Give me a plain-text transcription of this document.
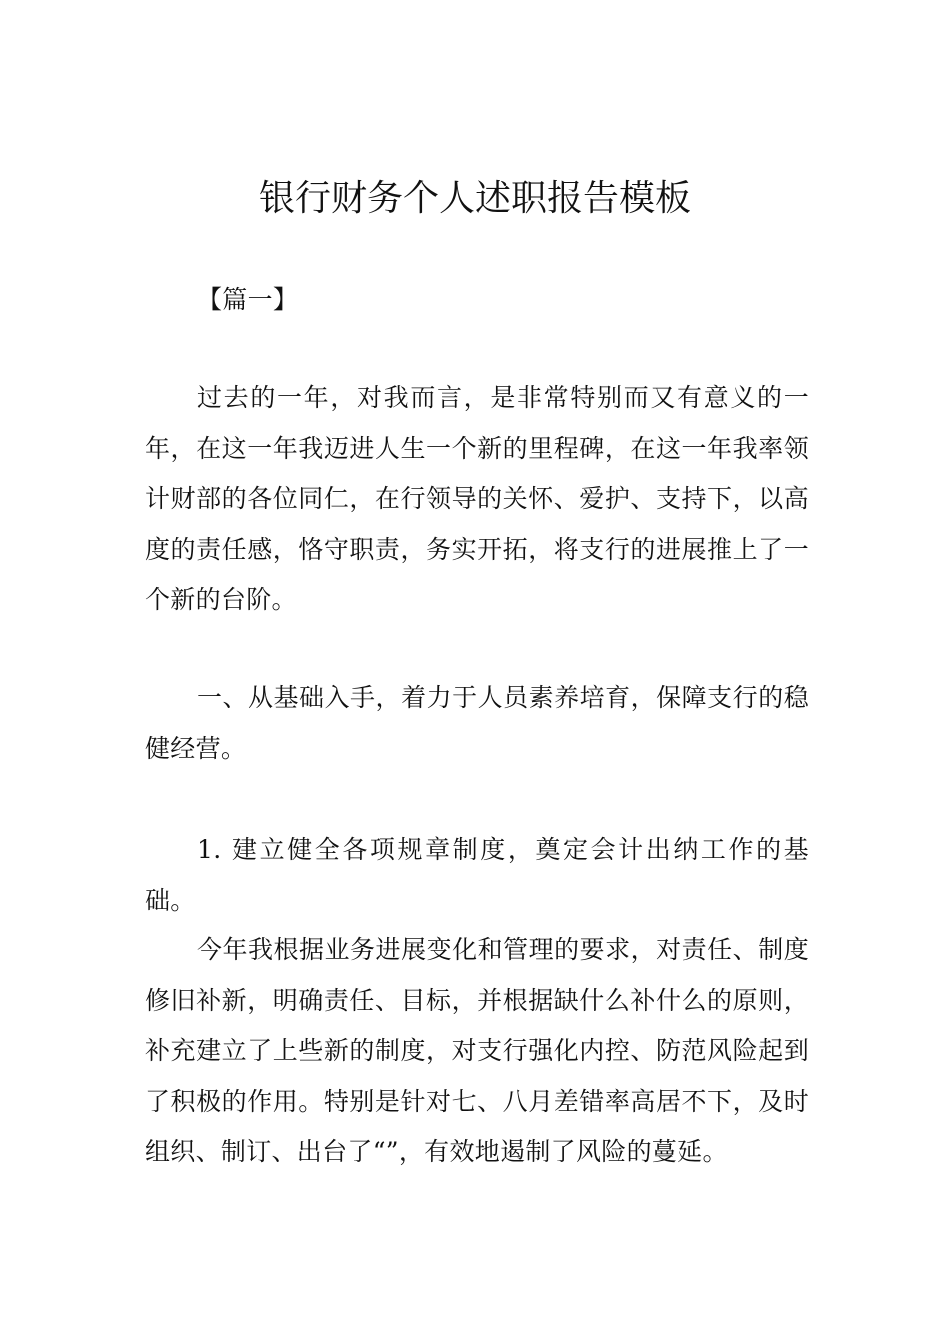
银行财务个人述职报告模板

【篇一】

过去的一年，对我而言，是非常特别而又有意义的一年，在这一年我迈进人生一个新的里程碑，在这一年我率领计财部的各位同仁，在行领导的关怀、爱护、支持下，以高度的责任感，恪守职责，务实开拓，将支行的进展推上了一个新的台阶。

一、从基础入手，着力于人员素养培育，保障支行的稳健经营。

1. 建立健全各项规章制度，奠定会计出纳工作的基础。

今年我根据业务进展变化和管理的要求，对责任、制度修旧补新，明确责任、目标，并根据缺什么补什么的原则，补充建立了上些新的制度，对支行强化内控、防范风险起到了积极的作用。特别是针对七、八月差错率高居不下，及时组织、制订、出台了“”，有效地遏制了风险的蔓延。
